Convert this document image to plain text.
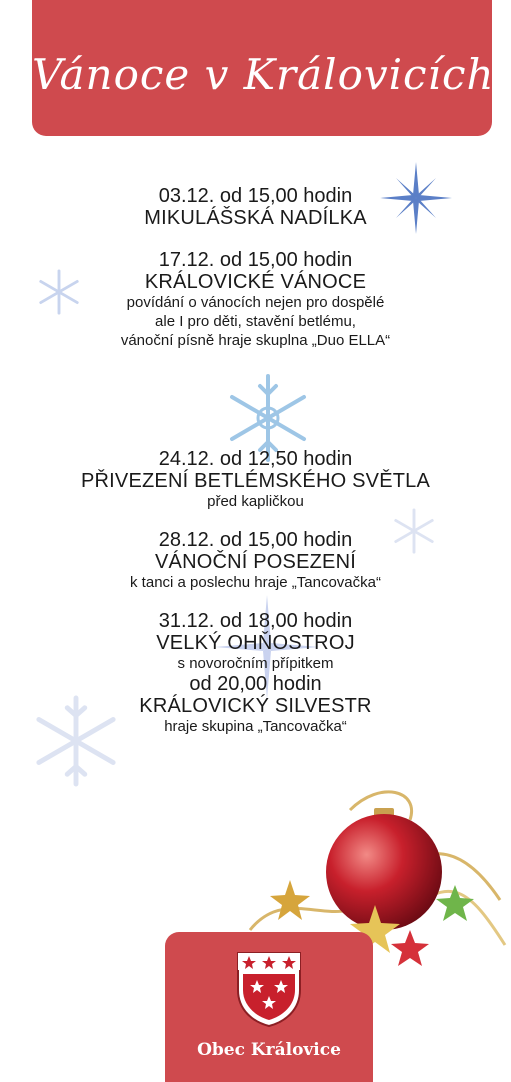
Vánoce v Královicích
03.12. od 15,00 hodin
MIKULÁŠSKÁ NADÍLKA
17.12. od 15,00 hodin
KRÁLOVICKÉ VÁNOCE
povídání o vánocích nejen pro dospělé
ale I pro děti, stavění betlému,
vánoční písně hraje skuplna „Duo ELLA“
24.12. od 12,50 hodin
PŘIVEZENÍ BETLÉMSKÉHO SVĚTLA
před kapličkou
28.12. od 15,00 hodin
VÁNOČNÍ POSEZENÍ
k tanci a poslechu hraje „Tancovačka“
31.12. od 18,00 hodin
VELKÝ OHŇOSTROJ
s novoročním přípitkem
od 20,00 hodin
KRÁLOVICKÝ SILVESTR
hraje skupina „Tancovačka“
Obec Královice
